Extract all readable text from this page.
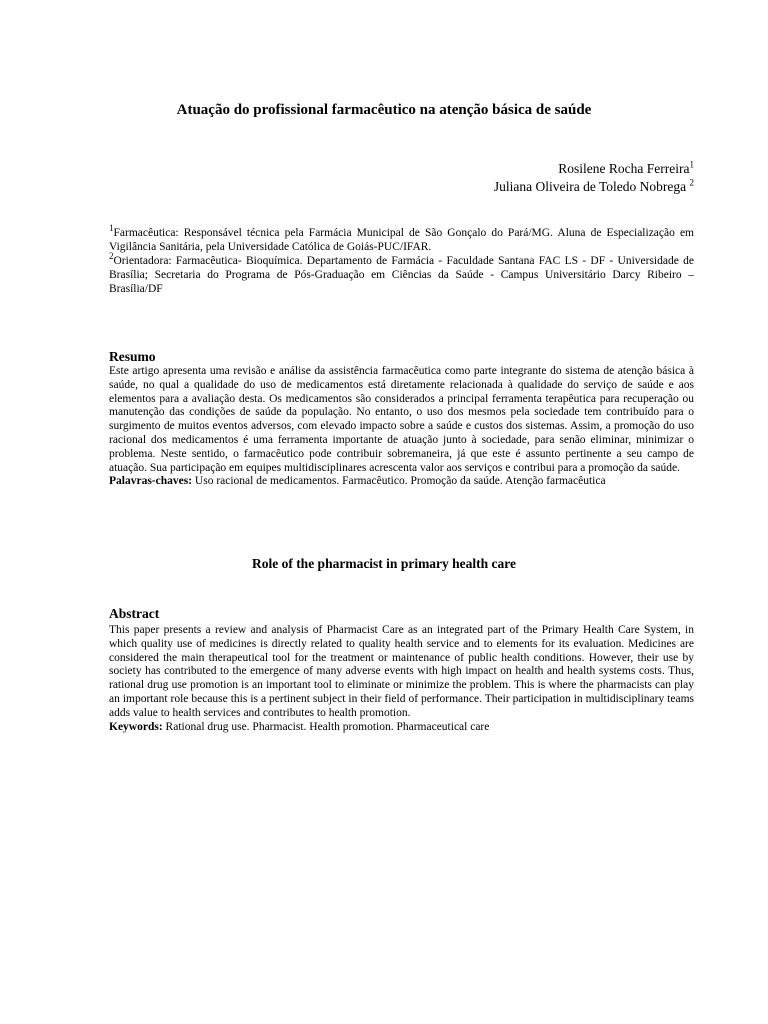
Atuação do profissional farmacêutico na atenção básica de saúde
Rosilene Rocha Ferreira$^1$
Juliana Oliveira de Toledo Nobrega $^2$

$^1$Farmacêutica: Responsável técnica pela Farmácia Municipal de São Gonçalo do Pará/MG. Aluna de Especialização em Vigilância Sanitária, pela Universidade Católica de Goiás-PUC/IFAR.

$^2$Orientadora: Farmacêutica- Bioquímica. Departamento de Farmácia - Faculdade Santana FAC LS - DF - Universidade de Brasília; Secretaria do Programa de Pós-Graduação em Ciências da Saúde - Campus Universitário Darcy Ribeiro – Brasília/DF

Resumo

Este artigo apresenta uma revisão e análise da assistência farmacêutica como parte integrante do sistema de atenção básica à saúde, no qual a qualidade do uso de medicamentos está diretamente relacionada à qualidade do serviço de saúde e aos elementos para a avaliação desta. Os medicamentos são considerados a principal ferramenta terapêutica para recuperação ou manutenção das condições de saúde da população. No entanto, o uso dos mesmos pela sociedade tem contribuído para o surgimento de muitos eventos adversos, com elevado impacto sobre a saúde e custos dos sistemas. Assim, a promoção do uso racional dos medicamentos é uma ferramenta importante de atuação junto à sociedade, para senão eliminar, minimizar o problema. Neste sentido, o farmacêutico pode contribuir sobremaneira, já que este é assunto pertinente a seu campo de atuação. Sua participação em equipes multidisciplinares acrescenta valor aos serviços e contribui para a promoção da saúde.

Palavras-chaves: Uso racional de medicamentos. Farmacêutico. Promoção da saúde. Atenção farmacêutica

Role of the pharmacist in primary health care
Abstract

This paper presents a review and analysis of Pharmacist Care as an integrated part of the Primary Health Care System, in which quality use of medicines is directly related to quality health service and to elements for its evaluation. Medicines are considered the main therapeutical tool for the treatment or maintenance of public health conditions. However, their use by society has contributed to the emergence of many adverse events with high impact on health and health systems costs. Thus, rational drug use promotion is an important tool to eliminate or minimize the problem. This is where the pharmacists can play an important role because this is a pertinent subject in their field of performance. Their participation in multidisciplinary teams adds value to health services and contributes to health promotion.

Keywords: Rational drug use. Pharmacist. Health promotion. Pharmaceutical care
